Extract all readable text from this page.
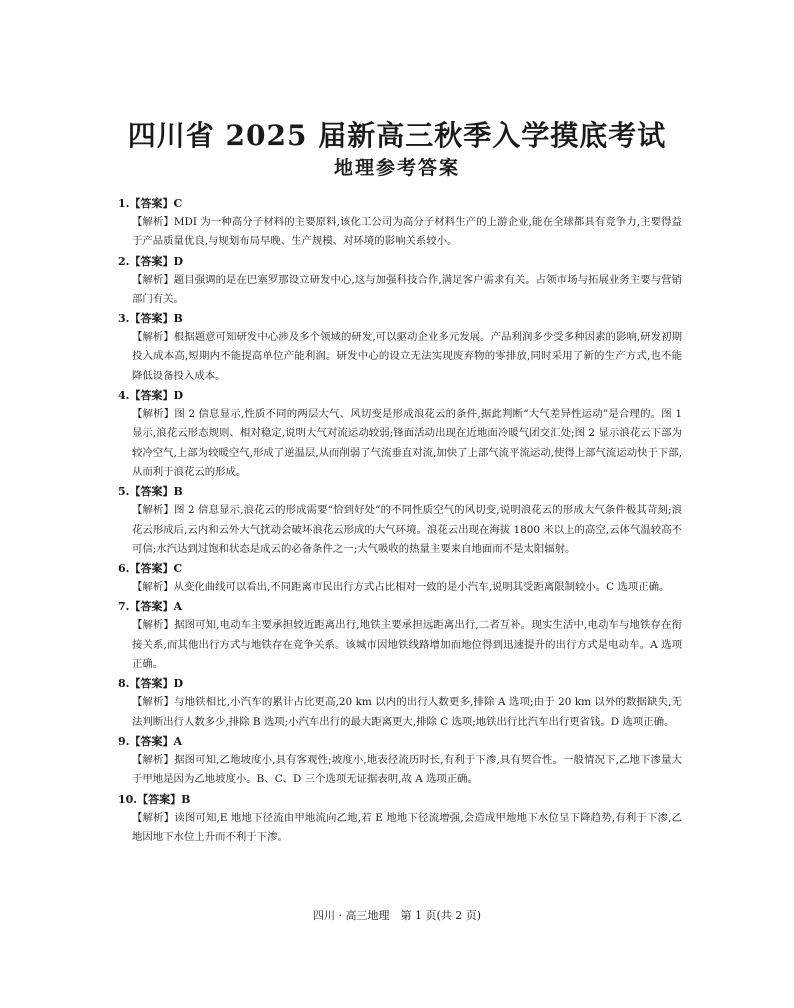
四川省 2025 届新高三秋季入学摸底考试
地理参考答案

1.【答案】C

【解析】MDI 为一种高分子材料的主要原料,该化工公司为高分子材料生产的上游企业,能在全球都具有竞争力,主要得益于产品质量优良,与规划布局早晚、生产规模、对环境的影响关系较小。

2.【答案】D

【解析】题目强调的是在巴塞罗那设立研发中心,这与加强科技合作,满足客户需求有关。占领市场与拓展业务主要与营销部门有关。

3.【答案】B

【解析】根据题意可知研发中心涉及多个领域的研发,可以驱动企业多元发展。产品利润多少受多种因素的影响,研发初期投入成本高,短期内不能提高单位产能利润。研发中心的设立无法实现废弃物的零排放,同时采用了新的生产方式,也不能降低设备投入成本。

4.【答案】D

【解析】图 2 信息显示,性质不同的两层大气、风切变是形成浪花云的条件,据此判断“大气差异性运动”是合理的。图 1 显示,浪花云形态规则、相对稳定,说明大气对流运动较弱;锋面活动出现在近地面冷暖气团交汇处;图 2 显示浪花云下部为较冷空气,上部为较暖空气,形成了逆温层,从而削弱了气流垂直对流,加快了上部气流平流运动,使得上部气流运动快于下部,从而利于浪花云的形成。

5.【答案】B

【解析】图 2 信息显示,浪花云的形成需要“恰到好处”的不同性质空气的风切变,说明浪花云的形成大气条件极其苛刻;浪花云形成后,云内和云外大气扰动会破坏浪花云形成的大气环境。浪花云出现在海拔 1800 米以上的高空,云体气温较高不可信;水汽达到过饱和状态是成云的必备条件之一;大气吸收的热量主要来自地面而不是太阳辐射。

6.【答案】C

【解析】从变化曲线可以看出,不同距离市民出行方式占比相对一致的是小汽车,说明其受距离限制较小。C 选项正确。

7.【答案】A

【解析】据图可知,电动车主要承担较近距离出行,地铁主要承担远距离出行,二者互补。现实生活中,电动车与地铁存在衔接关系,而其他出行方式与地铁存在竞争关系。该城市因地铁线路增加而地位得到迅速提升的出行方式是电动车。A 选项正确。

8.【答案】D

【解析】与地铁相比,小汽车的累计占比更高,20 km 以内的出行人数更多,排除 A 选项;由于 20 km 以外的数据缺失,无法判断出行人数多少,排除 B 选项;小汽车出行的最大距离更大,排除 C 选项;地铁出行比汽车出行更省钱。D 选项正确。

9.【答案】A

【解析】据图可知,乙地坡度小,具有客观性;坡度小,地表径流历时长,有利于下渗,具有契合性。一般情况下,乙地下渗量大于甲地是因为乙地坡度小。B、C、D 三个选项无证据表明,故 A 选项正确。

10.【答案】B

【解析】读图可知,E 地地下径流由甲地流向乙地,若 E 地地下径流增强,会造成甲地地下水位呈下降趋势,有利于下渗,乙地因地下水位上升而不利于下渗。

四川 · 高三地理　第 1 页(共 2 页)
